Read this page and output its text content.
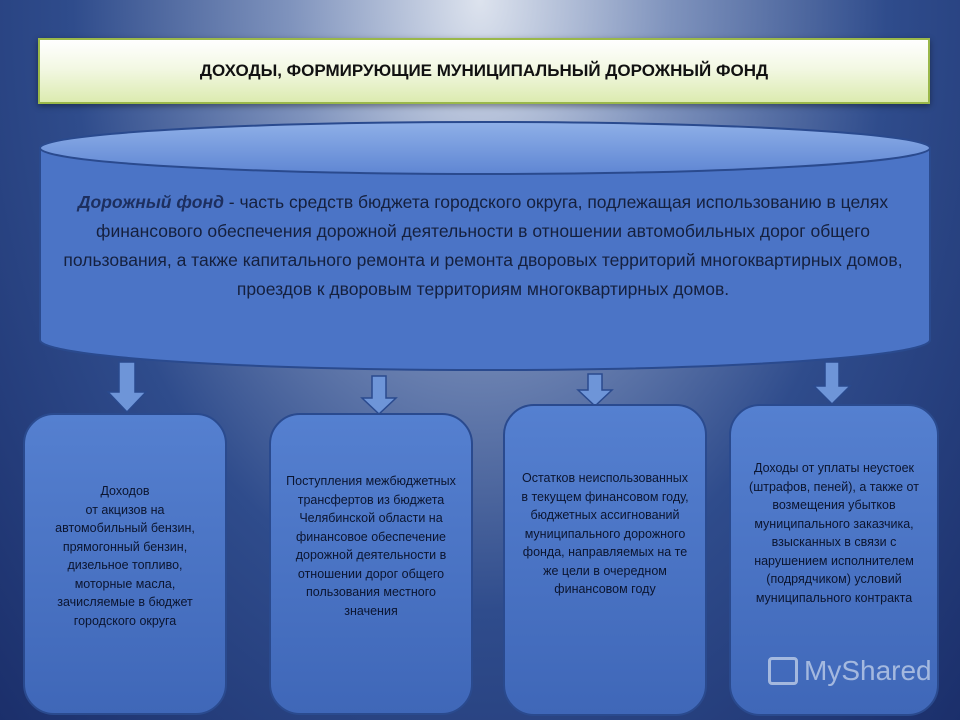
ДОХОДЫ, ФОРМИРУЮЩИЕ МУНИЦИПАЛЬНЫЙ ДОРОЖНЫЙ ФОНД
Дорожный фонд - часть средств бюджета городского округа, подлежащая использованию в целях финансового обеспечения дорожной деятельности в отношении автомобильных дорог общего пользования, а также капитального ремонта и ремонта дворовых территорий многоквартирных домов, проездов к дворовым территориям многоквартирных домов.
Доходов
от акцизов на автомобильный бензин, прямогонный бензин, дизельное топливо, моторные масла, зачисляемые в бюджет городского округа
Поступления межбюджетных трансфертов из бюджета Челябинской области на финансовое обеспечение дорожной деятельности в отношении дорог общего пользования местного значения
Остатков неиспользованных в текущем финансовом году, бюджетных ассигнований муниципального дорожного фонда, направляемых на те же цели в очередном финансовом году
Доходы от уплаты неустоек (штрафов, пеней), а также от возмещения убытков муниципального заказчика, взысканных в связи с нарушением исполнителем (подрядчиком) условий муниципального контракта
MyShared
